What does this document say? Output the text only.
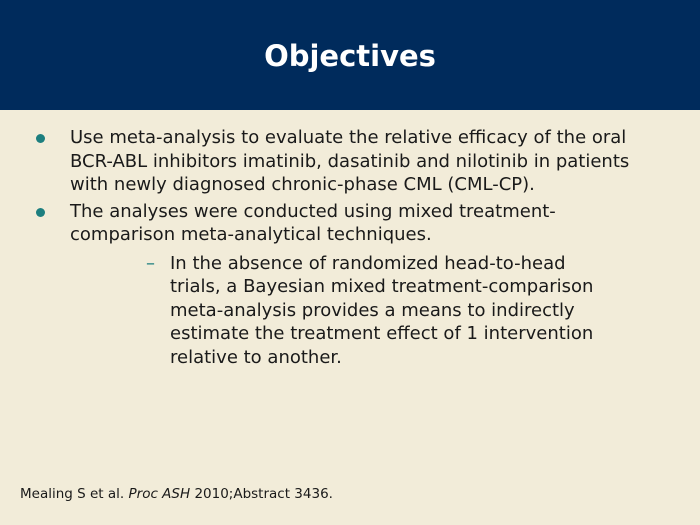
Objectives
Use meta-analysis to evaluate the relative efficacy of the oral BCR-ABL inhibitors imatinib, dasatinib and nilotinib in patients with newly diagnosed chronic-phase CML (CML-CP).
The analyses were conducted using mixed treatment-comparison meta-analytical techniques.
– In the absence of randomized head-to-head trials, a Bayesian mixed treatment-comparison meta-analysis provides a means to indirectly estimate the treatment effect of 1 intervention relative to another.
Mealing S et al. Proc ASH 2010;Abstract 3436.
